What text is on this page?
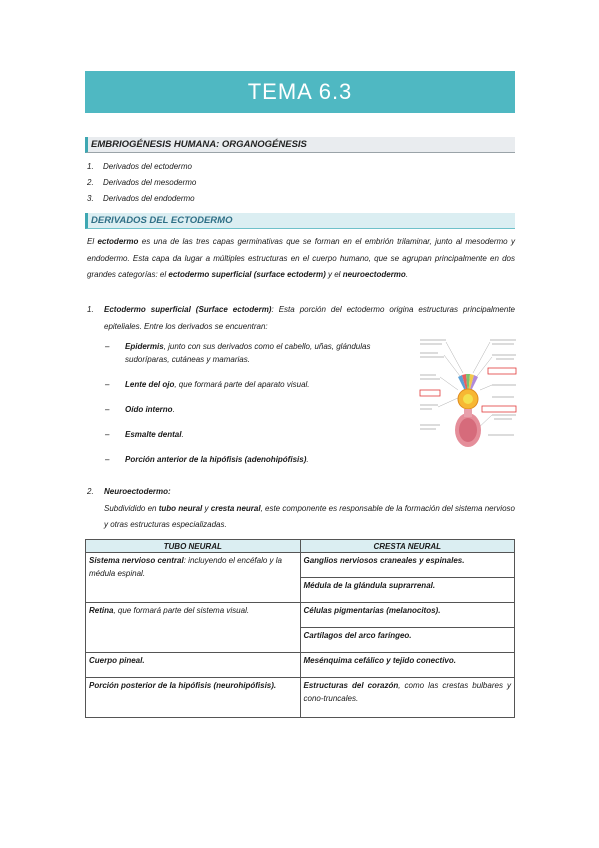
TEMA 6.3
EMBRIOGÉNESIS HUMANA: ORGANOGÉNESIS
1. Derivados del ectodermo
2. Derivados del mesodermo
3. Derivados del endodermo
DERIVADOS DEL ECTODERMO

El ectodermo es una de las tres capas germinativas que se forman en el embrión trilaminar, junto al mesodermo y endodermo. Esta capa da lugar a múltiples estructuras en el cuerpo humano, que se agrupan principalmente en dos grandes categorías: el ectodermo superficial (surface ectoderm) y el neuroectodermo.

1. Ectodermo superficial (Surface ectoderm): Esta porción del ectodermo origina estructuras principalmente epiteliales. Entre los derivados se encuentran:
– Epidermis, junto con sus derivados como el cabello, uñas, glándulas sudoríparas, cutáneas y mamarias.
– Lente del ojo, que formará parte del aparato visual.
– Oído interno.
– Esmalte dental.
– Porción anterior de la hipófisis (adenohipófisis).
2. Neuroectodermo:
Subdividido en tubo neural y cresta neural, este componente es responsable de la formación del sistema nervioso y otras estructuras especializadas.
TUBO NEURAL	CRESTA NEURAL
Sistema nervioso central: incluyendo el encéfalo y la médula espinal.	Ganglios nerviosos craneales y espinales.
	Médula de la glándula suprarrenal.
Retina, que formará parte del sistema visual.	Células pigmentarias (melanocitos).
	Cartílagos del arco faríngeo.
Cuerpo pineal.	Mesénquima cefálico y tejido conectivo.
Porción posterior de la hipófisis (neurohipófisis).	Estructuras del corazón, como las crestas bulbares y cono-truncales.
